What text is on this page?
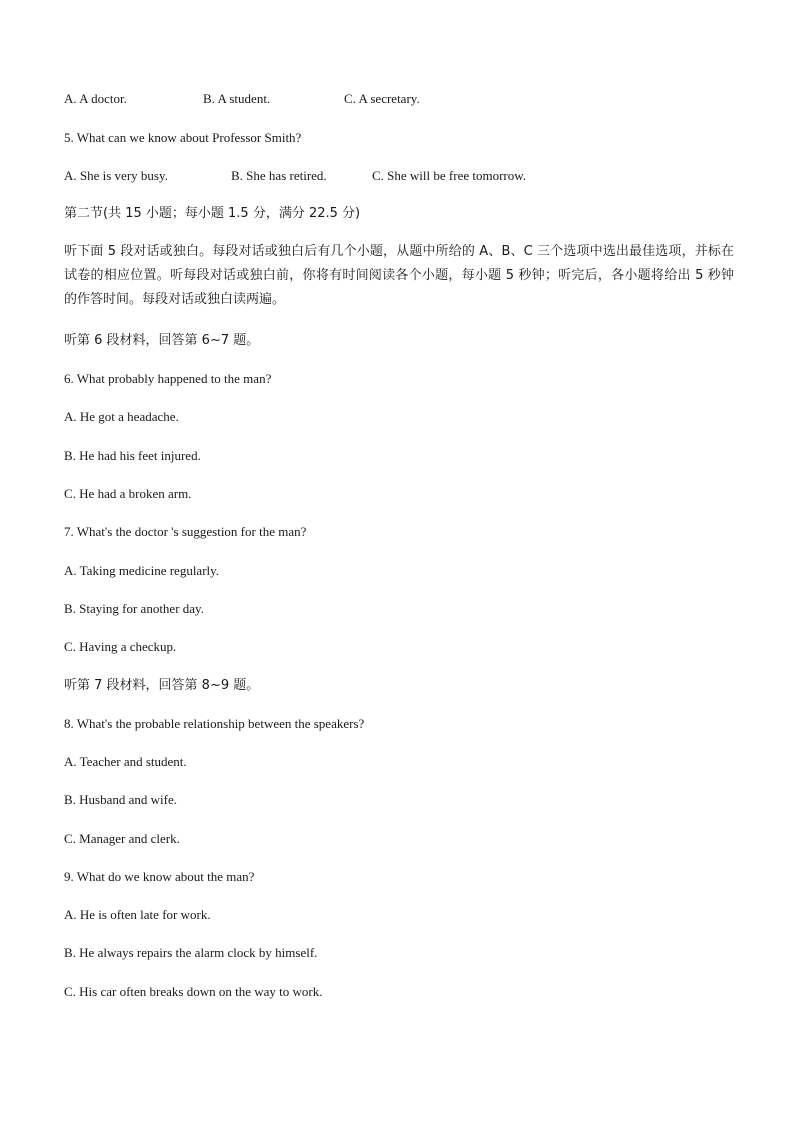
A. A doctor.	B. A student.	C. A secretary.
5. What can we know about Professor Smith?
A. She is very busy.	B. She has retired.	C. She will be free tomorrow.
第二节(共 15 小题；每小题 1.5 分，满分 22.5 分)
听下面 5 段对话或独白。每段对话或独白后有几个小题，从题中所给的 A、B、C 三个选项中选出最佳选项，并标在试卷的相应位置。听每段对话或独白前，你将有时间阅读各个小题，每小题 5 秒钟；听完后，各小题将给出 5 秒钟的作答时间。每段对话或独白读两遍。
听第 6 段材料，回答第 6~7 题。
6. What probably happened to the man?
A. He got a headache.
B. He had his feet injured.
C. He had a broken arm.
7. What's the doctor 's suggestion for the man?
A. Taking medicine regularly.
B. Staying for another day.
C. Having a checkup.
听第 7 段材料，回答第 8~9 题。
8. What's the probable relationship between the speakers?
A. Teacher and student.
B. Husband and wife.
C. Manager and clerk.
9. What do we know about the man?
A. He is often late for work.
B. He always repairs the alarm clock by himself.
C. His car often breaks down on the way to work.
